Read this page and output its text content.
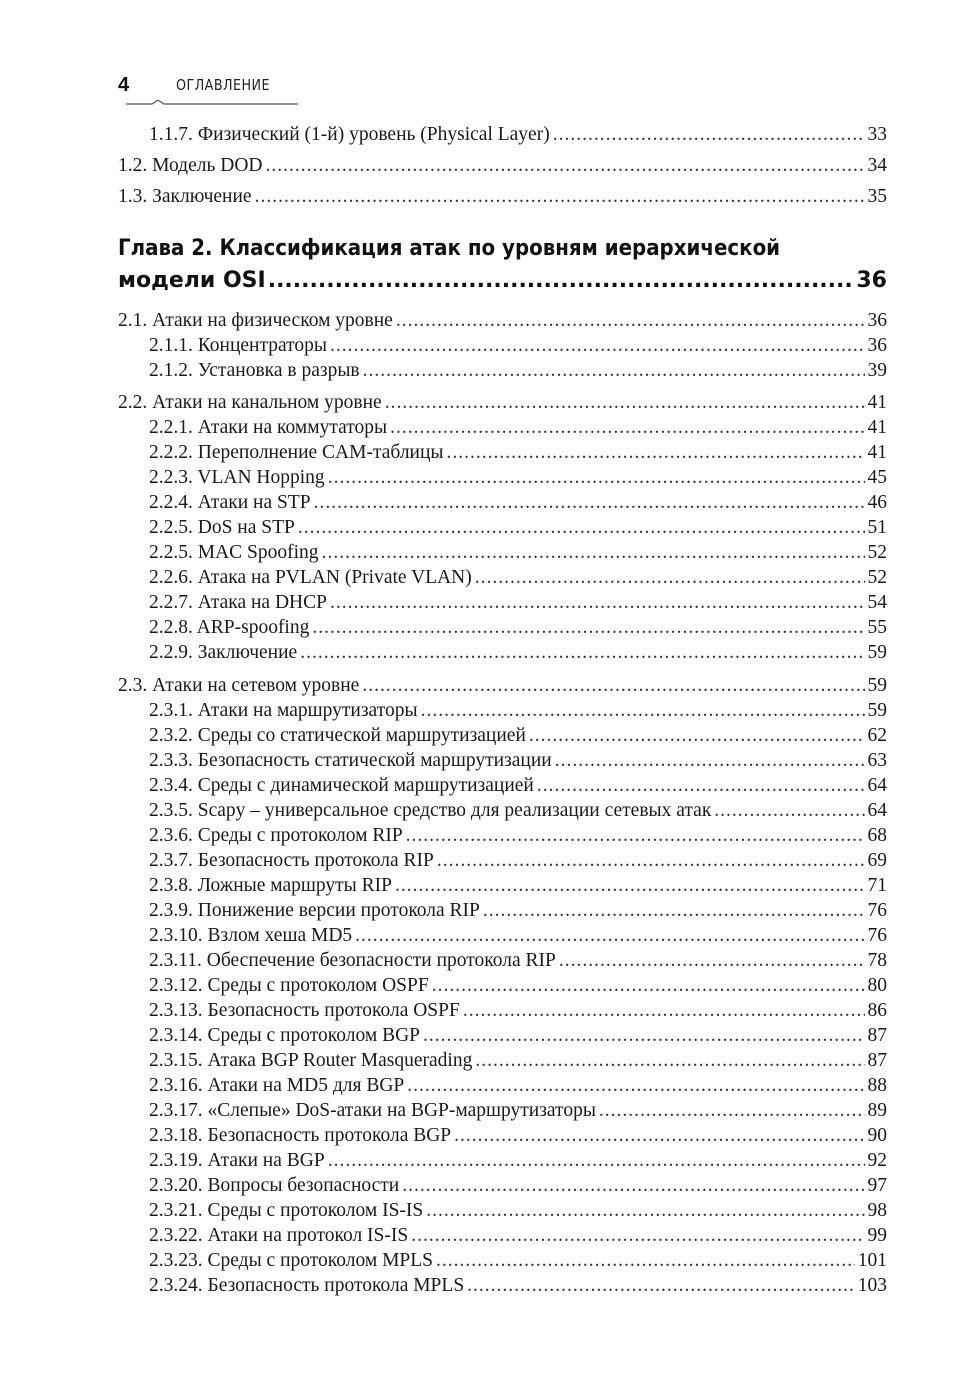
4	ОГЛАВЛЕНИЕ
1.1.7. Физический (1-й) уровень (Physical Layer) .....	33
1.2. Модель DOD .....	34
1.3. Заключение .....	35
Глава 2. Классификация атак по уровням иерархической
модели OSI .....	36
2.1. Атаки на физическом уровне .....	36
2.1.1. Концентраторы .....	36
2.1.2. Установка в разрыв .....	39
2.2. Атаки на канальном уровне .....	41
2.2.1. Атаки на коммутаторы .....	41
2.2.2. Переполнение CAM-таблицы .....	41
2.2.3. VLAN Hopping .....	45
2.2.4. Атаки на STP .....	46
2.2.5. DoS на STP .....	51
2.2.5. MAC Spoofing .....	52
2.2.6. Атака на PVLAN (Private VLAN) .....	52
2.2.7. Атака на DHCP .....	54
2.2.8. ARP-spoofing .....	55
2.2.9. Заключение .....	59
2.3. Атаки на сетевом уровне .....	59
2.3.1. Атаки на маршрутизаторы .....	59
2.3.2. Среды со статической маршрутизацией .....	62
2.3.3. Безопасность статической маршрутизации .....	63
2.3.4. Среды с динамической маршрутизацией .....	64
2.3.5. Scapy – универсальное средство для реализации сетевых атак .....	64
2.3.6. Среды с протоколом RIP .....	68
2.3.7. Безопасность протокола RIP .....	69
2.3.8. Ложные маршруты RIP .....	71
2.3.9. Понижение версии протокола RIP .....	76
2.3.10. Взлом хеша MD5 .....	76
2.3.11. Обеспечение безопасности протокола RIP .....	78
2.3.12. Среды с протоколом OSPF .....	80
2.3.13. Безопасность протокола OSPF .....	86
2.3.14. Среды с протоколом BGP .....	87
2.3.15. Атака BGP Router Masquerading .....	87
2.3.16. Атаки на MD5 для BGP .....	88
2.3.17. «Слепые» DoS-атаки на BGP-маршрутизаторы .....	89
2.3.18. Безопасность протокола BGP .....	90
2.3.19. Атаки на BGP .....	92
2.3.20. Вопросы безопасности .....	97
2.3.21. Среды с протоколом IS-IS .....	98
2.3.22. Атаки на протокол IS-IS .....	99
2.3.23. Среды с протоколом MPLS .....	101
2.3.24. Безопасность протокола MPLS .....	103
